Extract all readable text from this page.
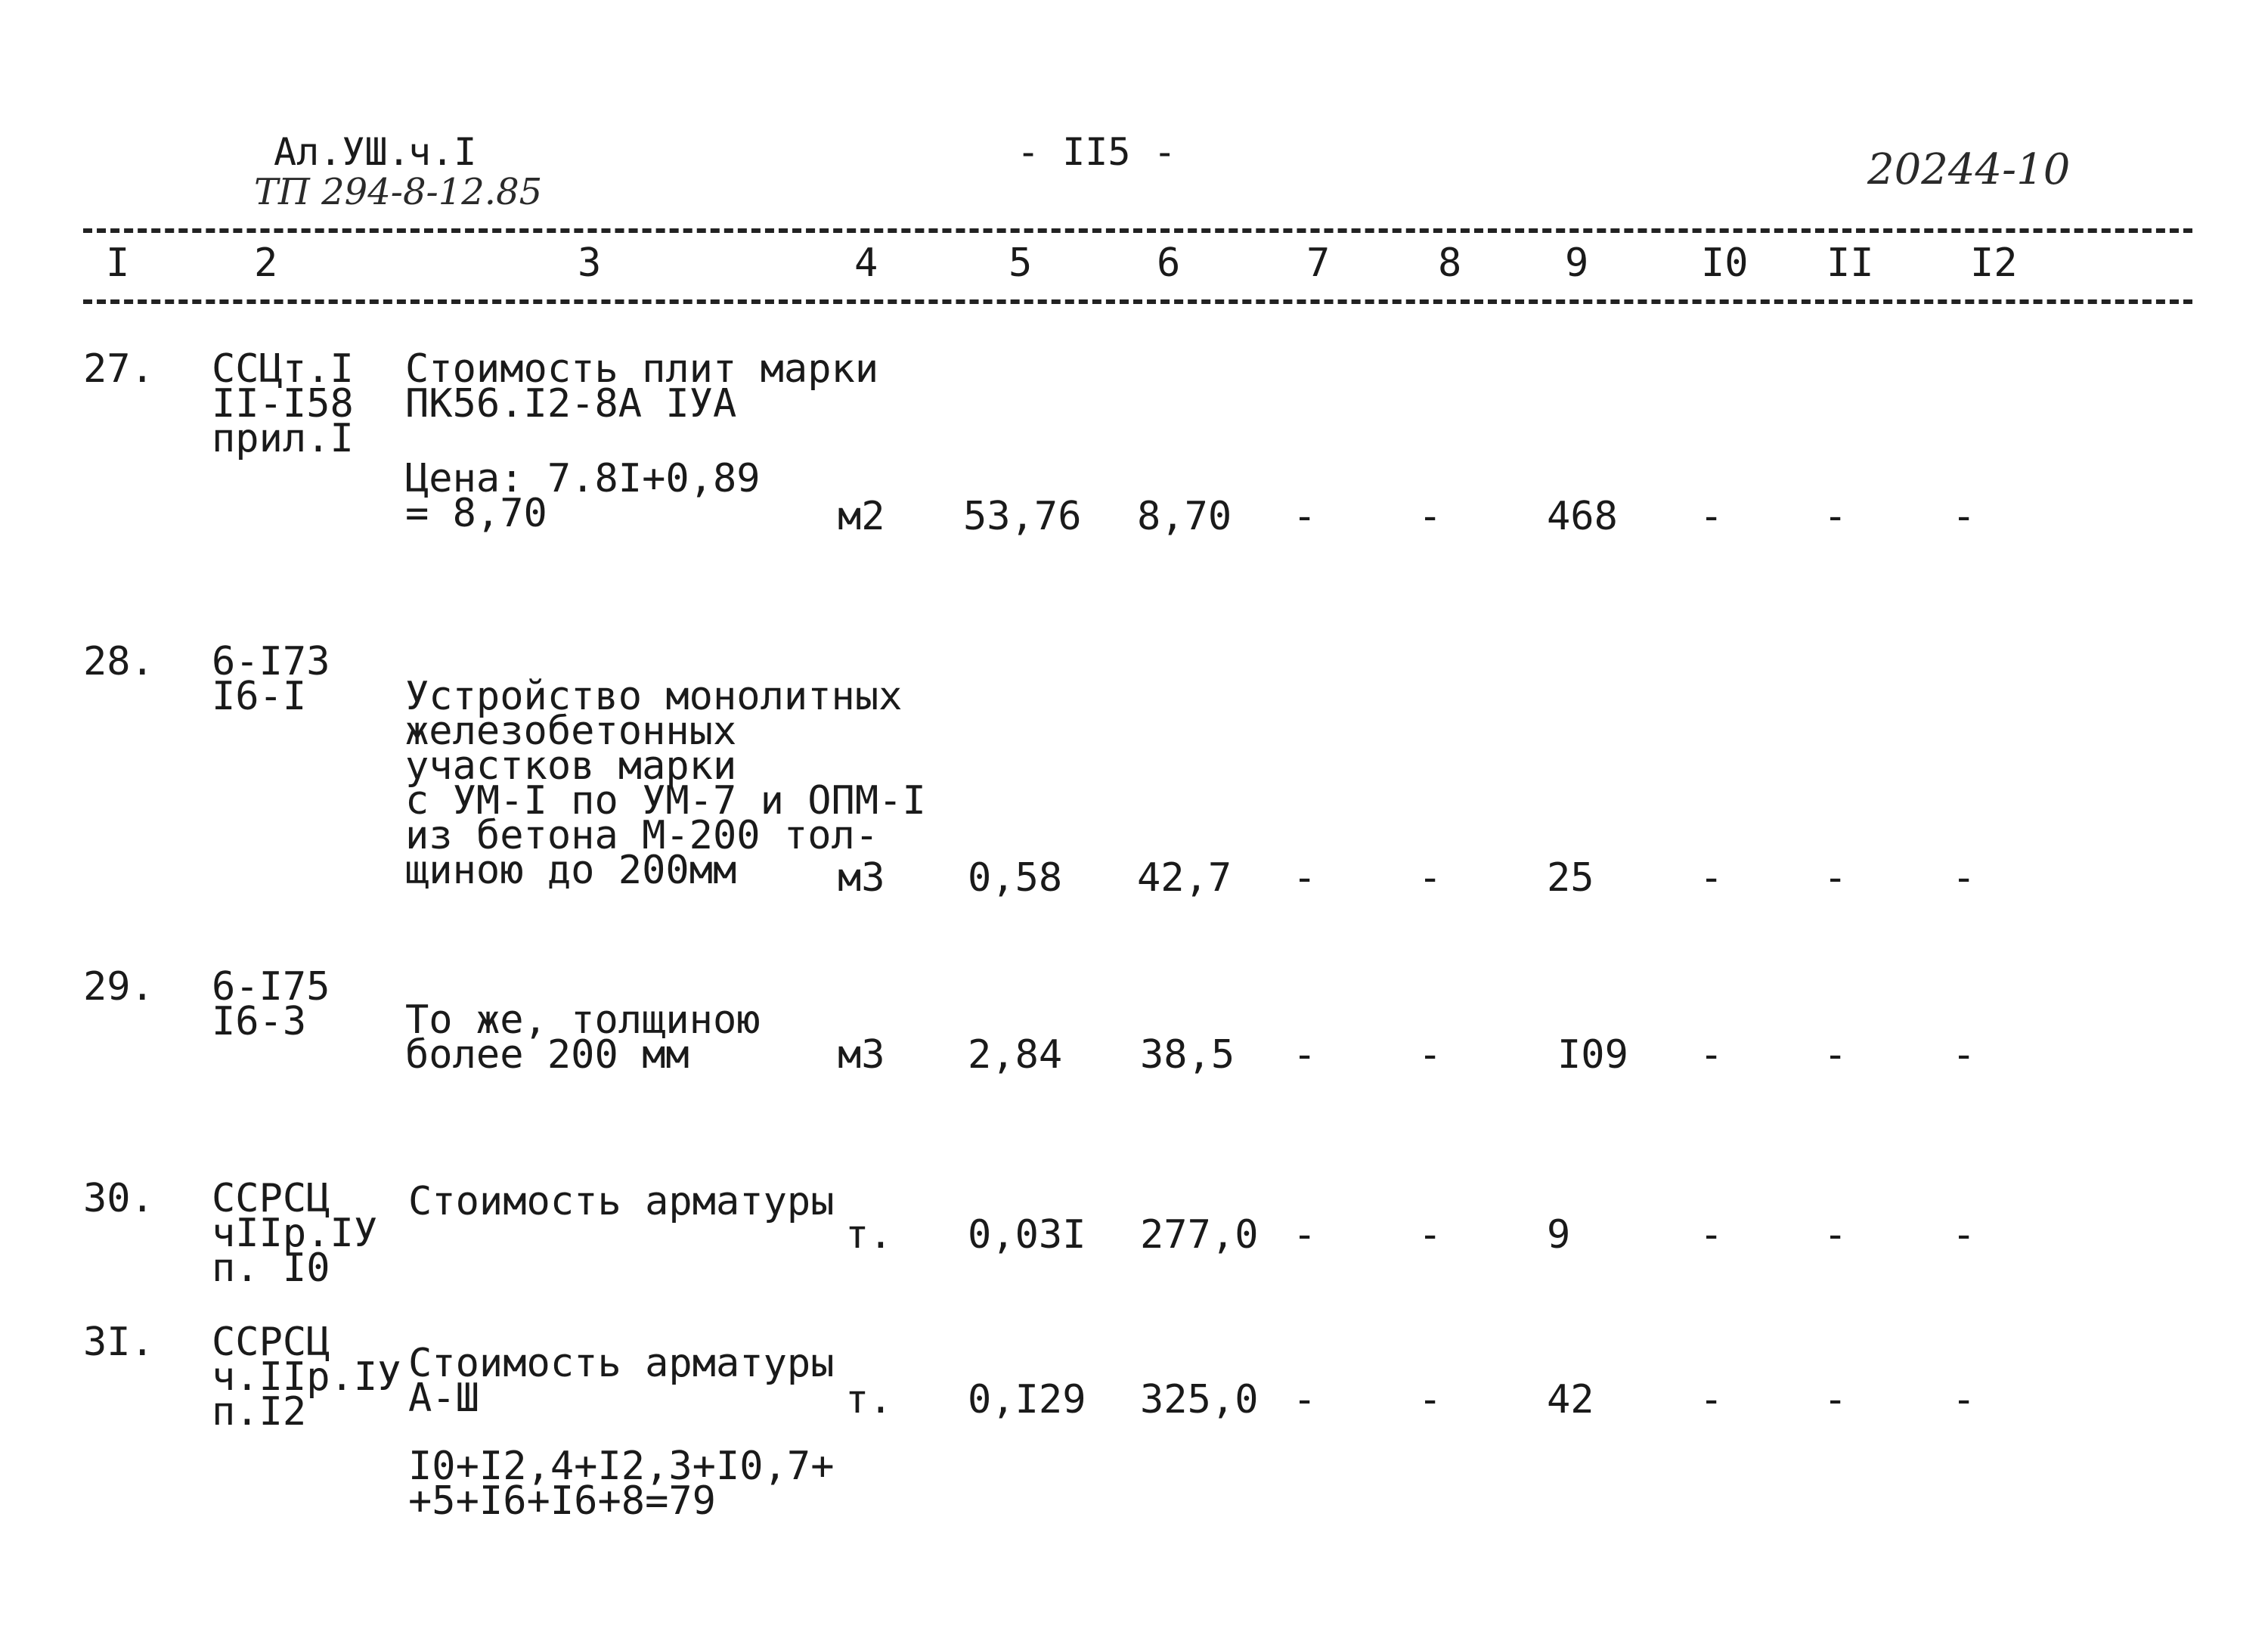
Ал.УШ.
ч.I
ТП 294-8-12.85
- II5 -	20244-10
I	2	3	4	5	6	7	8	9	I0 II I2
27. ССЦт.I
II-I58
прил.I
Стоимость плит марки
ПК56.I2-8А IУА
Цена: 7.8I+0,89
= 8,70	м2 53,76 8,70 -	-	468 -	-	-
28. 6-I73
I6-I	Устройство монолитных
железобетонных
участков марки
с УМ-I по УМ-7 и ОПМ-I
из бетона М-200 тол-
щиною до 200мм	м3 0,58 42,7 -	-	25	-	-	-
29. 6-I75
I6-3	То же, толщиною
более 200 мм	м3 2,84 38,5 -	-	I09 -	-	-
30. ССРСЦ
чIIр.IУ
п. I0
Стоимость арматуры
т. 0,03I 277,0 -	-	9	-	-	-
3I. ССРСЦ
ч.IIр.IУ
п.I2
Стоимость арматуры
А-Ш
I0+I2,4+I2,3+I0,7+
+5+I6+I6+8=79
т. 0,I29 325,0 -	-	42	-	-	-
